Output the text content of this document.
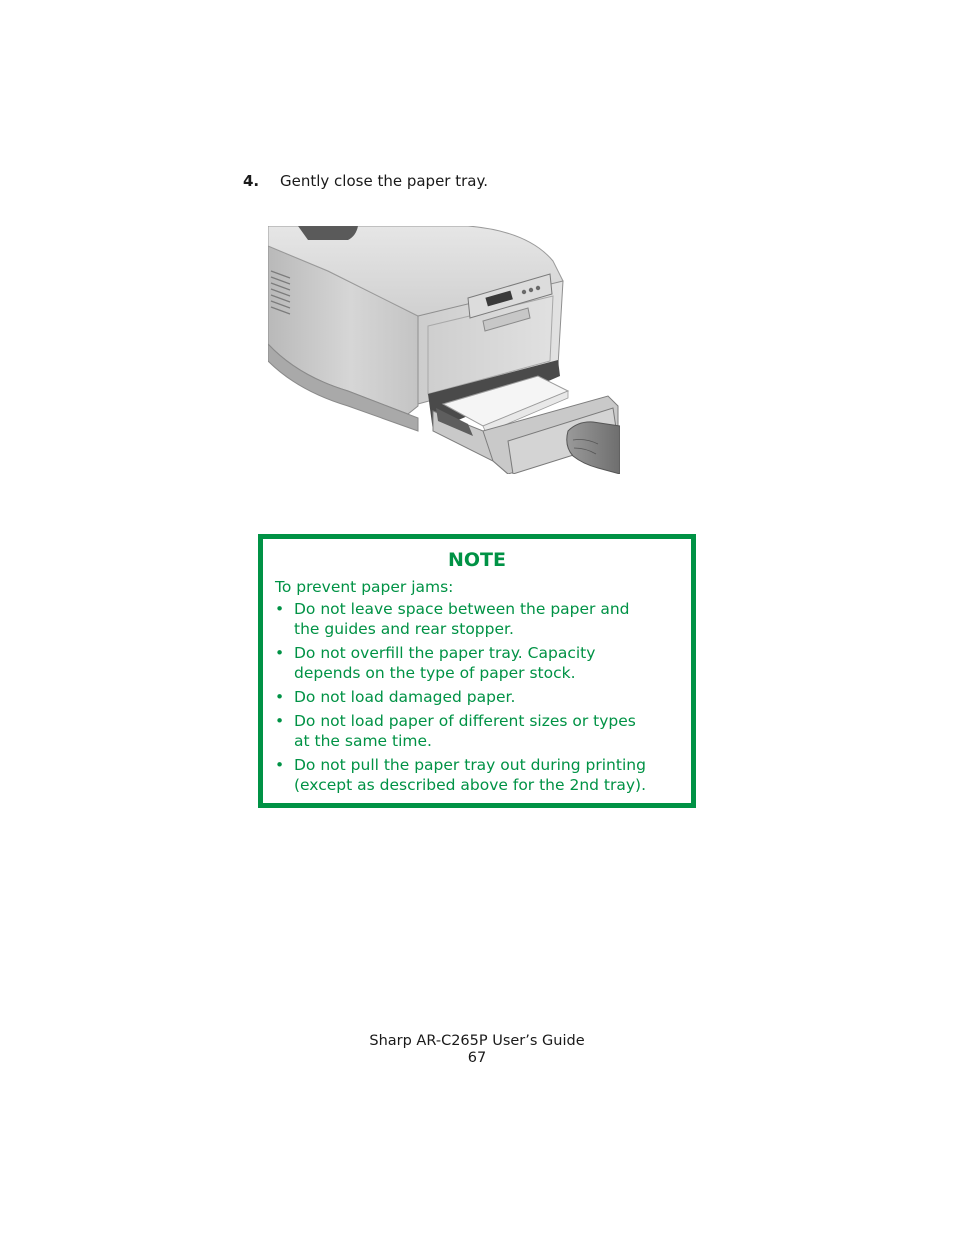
4. Gently close the paper tray.
NOTE
To prevent paper jams:
• Do not leave space between the paper and
the guides and rear stopper.
• Do not overfill the paper tray. Capacity
depends on the type of paper stock.
• Do not load damaged paper.
• Do not load paper of different sizes or types
at the same time.
• Do not pull the paper tray out during printing
(except as described above for the 2nd tray).
Sharp AR-C265P User’s Guide
67
